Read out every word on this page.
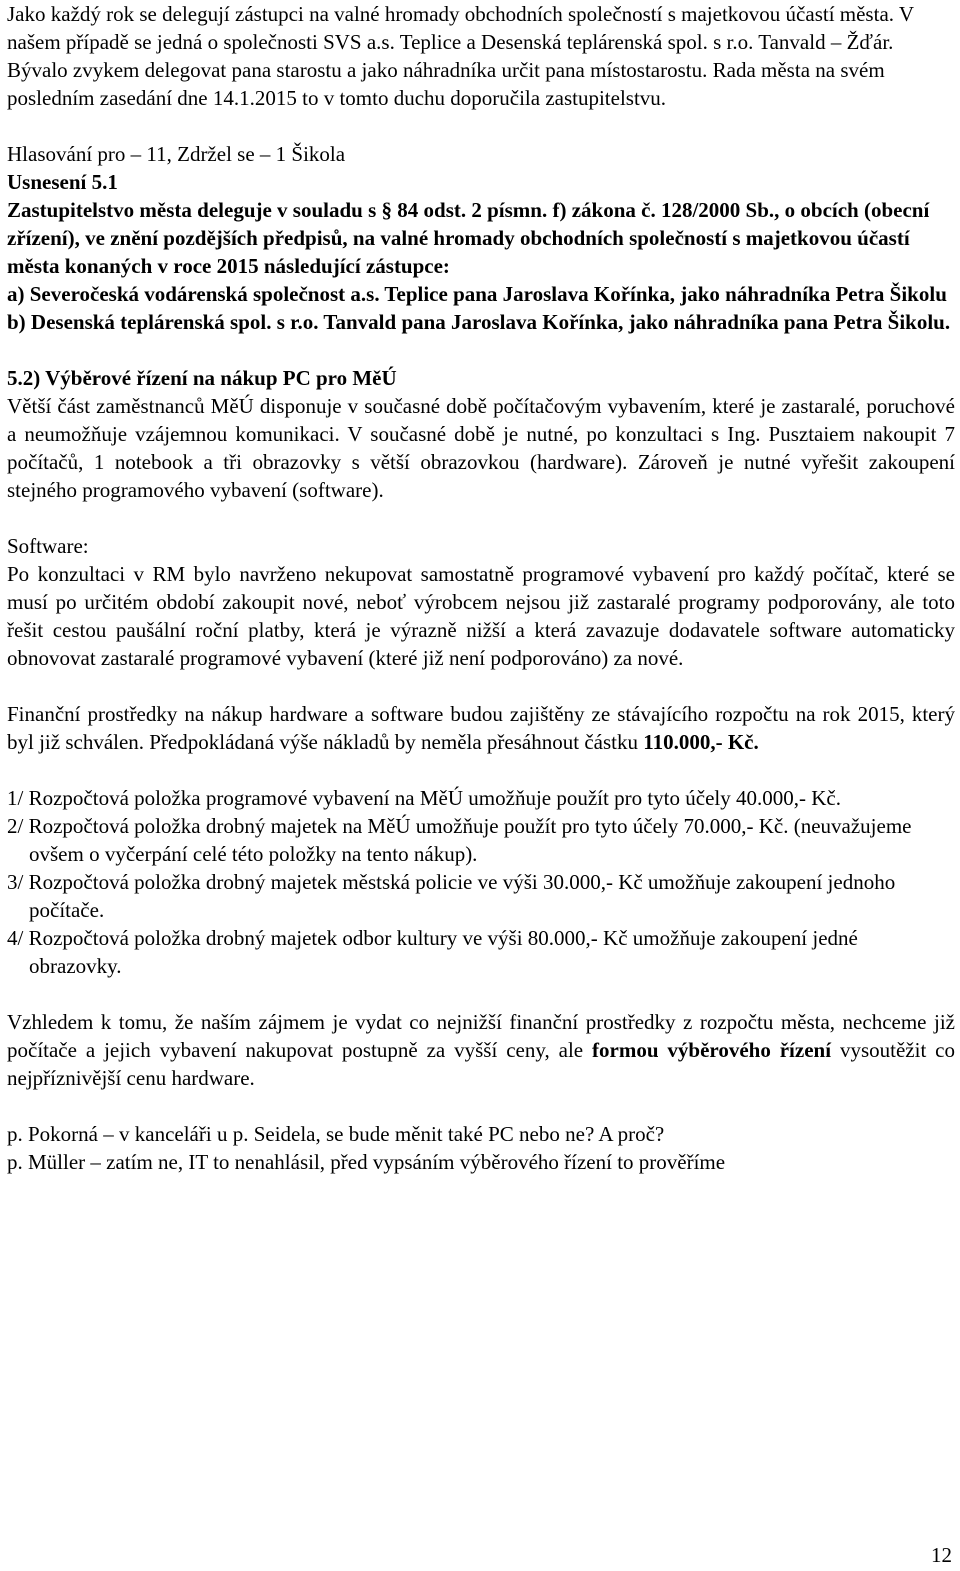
Jako každý rok se delegují zástupci na valné hromady obchodních společností s majetkovou účastí města. V našem případě se jedná o společnosti SVS a.s. Teplice a Desenská teplárenská spol. s r.o. Tanvald – Žďár. Bývalo zvykem delegovat pana starostu a jako náhradníka určit pana místostarostu. Rada města na svém posledním zasedání dne 14.1.2015 to v tomto duchu doporučila zastupitelstvu.

Hlasování pro – 11, Zdržel se – 1 Šikola

Usnesení 5.1

Zastupitelstvo města deleguje v souladu s § 84 odst. 2 písmn. f) zákona č. 128/2000 Sb., o obcích (obecní zřízení), ve znění pozdějších předpisů, na valné hromady obchodních společností s majetkovou účastí města konaných v roce 2015 následující zástupce:

a) Severočeská vodárenská společnost a.s. Teplice pana Jaroslava Kořínka, jako náhradníka Petra Šikolu

b) Desenská teplárenská spol. s r.o. Tanvald pana Jaroslava Kořínka, jako náhradníka pana Petra Šikolu.

5.2) Výběrové řízení na nákup PC pro MěÚ

Větší část zaměstnanců MěÚ disponuje v současné době počítačovým vybavením, které je zastaralé, poruchové a neumožňuje vzájemnou komunikaci. V současné době je nutné, po konzultaci s Ing. Pusztaiem nakoupit 7 počítačů, 1 notebook a tři obrazovky s větší obrazovkou (hardware). Zároveň je nutné vyřešit zakoupení stejného programového vybavení (software).

Software:

Po konzultaci v RM bylo navrženo nekupovat samostatně programové vybavení pro každý počítač, které se musí po určitém období zakoupit nové, neboť výrobcem nejsou již zastaralé programy podporovány, ale toto řešit cestou paušální roční platby, která je výrazně nižší a která zavazuje dodavatele software automaticky obnovovat zastaralé programové vybavení (které již není podporováno) za nové.

Finanční prostředky na nákup hardware a software budou zajištěny ze stávajícího rozpočtu na rok 2015, který byl již schválen. Předpokládaná výše nákladů by neměla přesáhnout částku 110.000,- Kč.

1/ Rozpočtová položka programové vybavení na MěÚ umožňuje použít pro tyto účely 40.000,- Kč.

2/ Rozpočtová položka drobný majetek na MěÚ umožňuje použít pro tyto účely 70.000,- Kč. (neuvažujeme ovšem o vyčerpání celé této položky na tento nákup).

3/ Rozpočtová položka drobný majetek městská policie ve výši 30.000,- Kč umožňuje zakoupení jednoho počítače.

4/ Rozpočtová položka drobný majetek odbor kultury ve výši 80.000,- Kč umožňuje zakoupení jedné obrazovky.

Vzhledem k tomu, že naším zájmem je vydat co nejnižší finanční prostředky z rozpočtu města, nechceme již počítače a jejich vybavení nakupovat postupně za vyšší ceny, ale formou výběrového řízení vysoutěžit co nejpříznivější cenu hardware.

p. Pokorná – v kanceláři u p. Seidela, se bude měnit také PC nebo ne? A proč?

p. Müller – zatím ne, IT to nenahlásil, před vypsáním výběrového řízení to prověříme

12
